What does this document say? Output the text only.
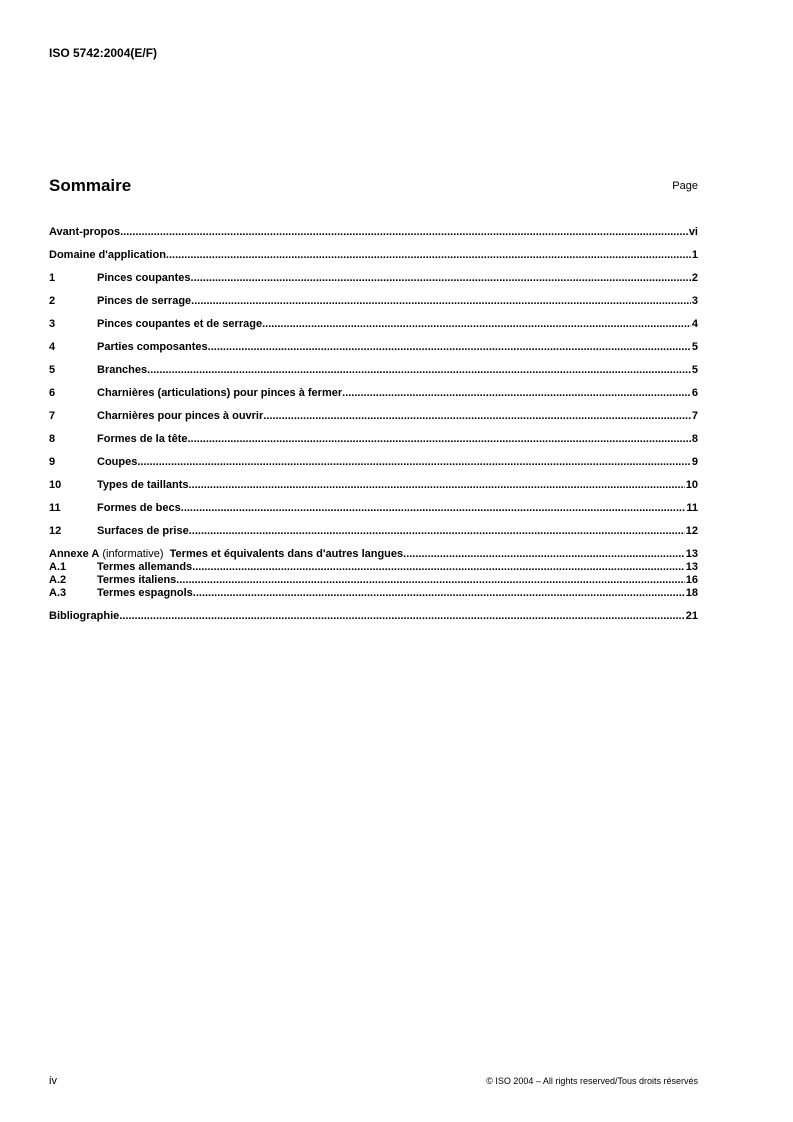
ISO 5742:2004(E/F)
Sommaire	Page
Avant-propos .....	vi
Domaine d'application .....	1
1	Pinces coupantes .....	2
2	Pinces de serrage .....	3
3	Pinces coupantes et de serrage .....	4
4	Parties composantes .....	5
5	Branches .....	5
6	Charnières (articulations) pour pinces à fermer .....	6
7	Charnières pour pinces à ouvrir .....	7
8	Formes de la tête .....	8
9	Coupes .....	9
10	Types de taillants .....	10
11	Formes de becs .....	11
12	Surfaces de prise .....	12
Annexe A (informative) Termes et équivalents dans d'autres langues .....	13
A.1	Termes allemands .....	13
A.2	Termes italiens .....	16
A.3	Termes espagnols .....	18
Bibliographie .....	21
iv	© ISO 2004 – All rights reserved/Tous droits réservés
